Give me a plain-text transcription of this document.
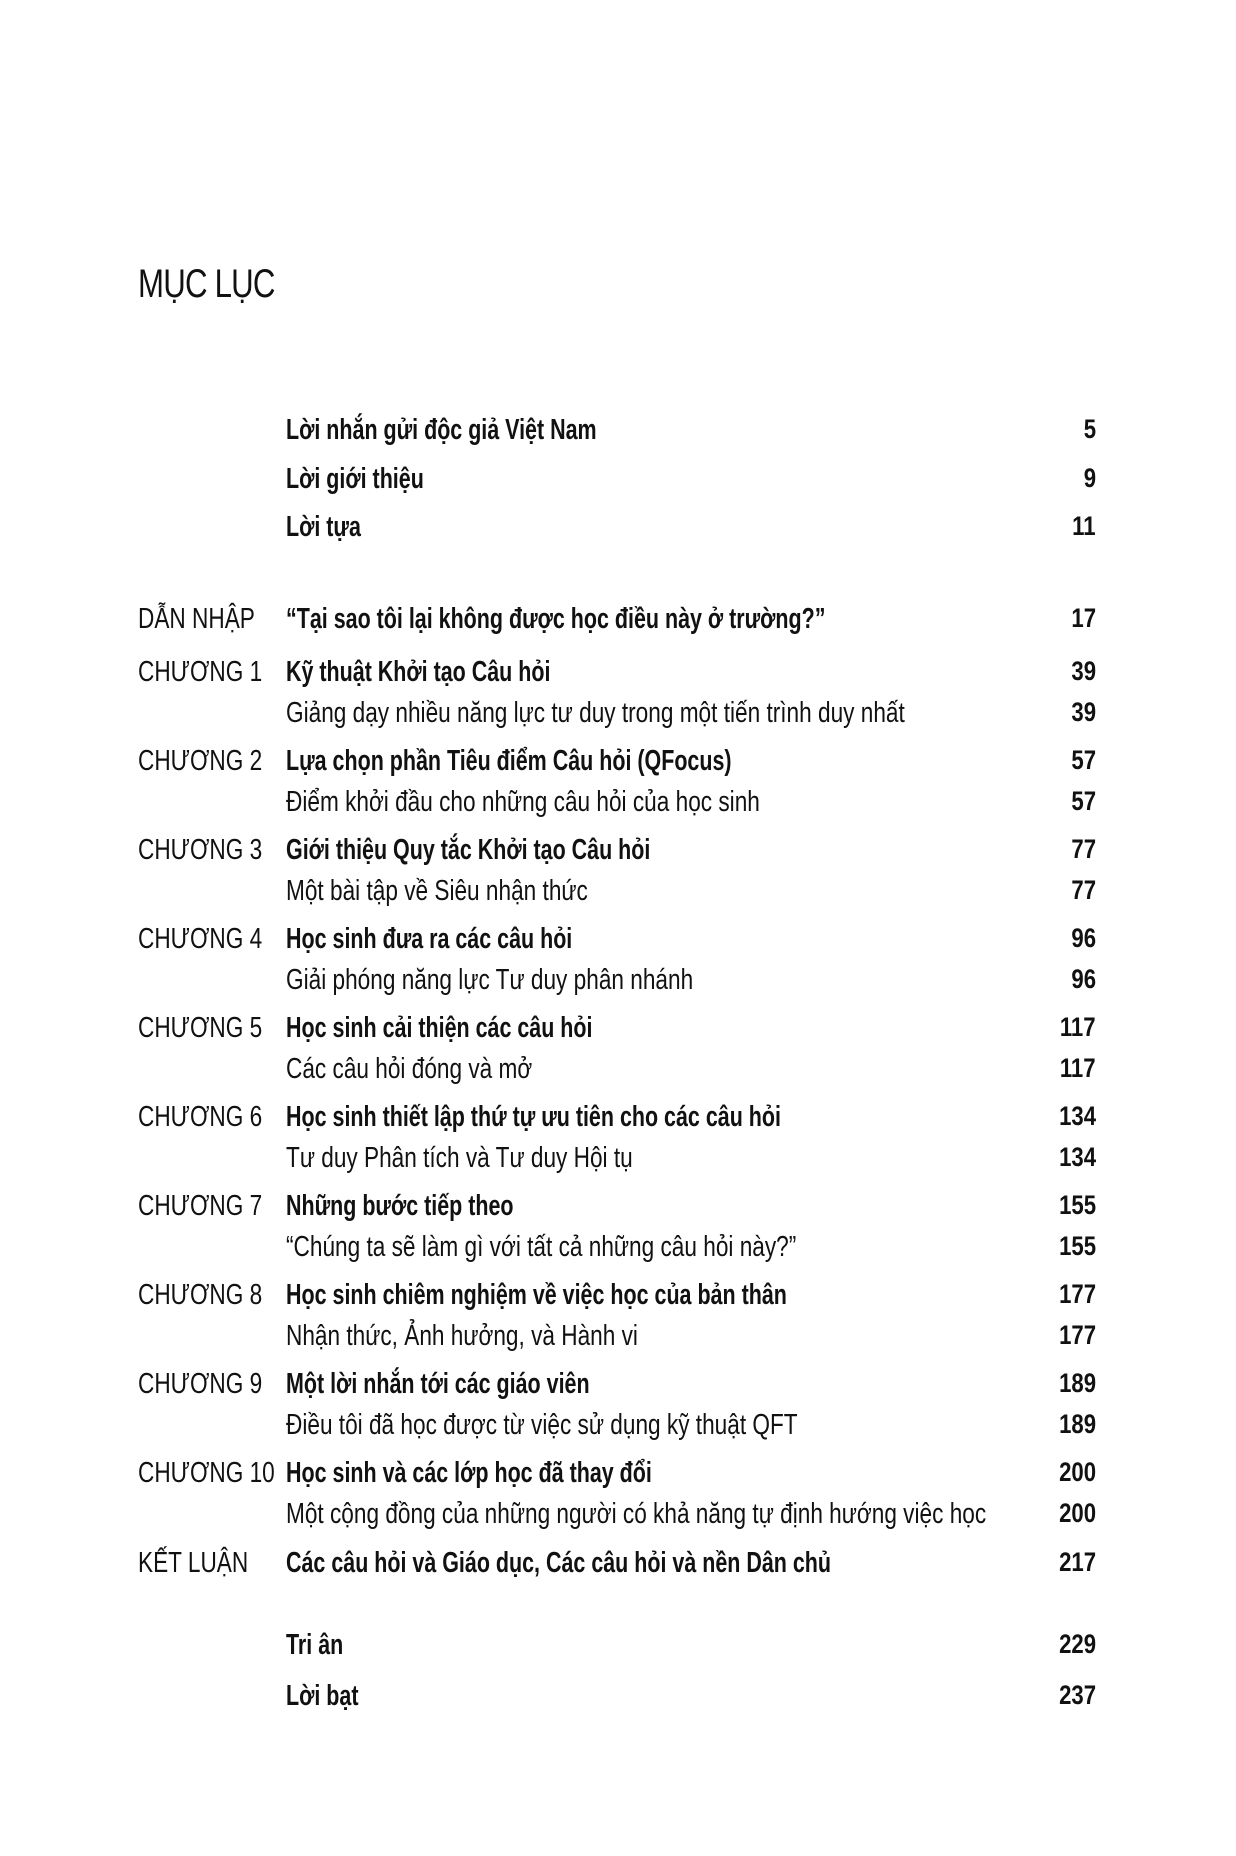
MỤC LỤC
Lời nhắn gửi độc giả Việt Nam	5
Lời giới thiệu	9
Lời tựa	11
DẪN NHẬP “Tại sao tôi lại không được học điều này ở trường?”	17
CHƯƠNG 1 Kỹ thuật Khởi tạo Câu hỏi	39
Giảng dạy nhiều năng lực tư duy trong một tiến trình duy nhất	39
CHƯƠNG 2 Lựa chọn phần Tiêu điểm Câu hỏi (QFocus)	57
Điểm khởi đầu cho những câu hỏi của học sinh	57
CHƯƠNG 3 Giới thiệu Quy tắc Khởi tạo Câu hỏi	77
Một bài tập về Siêu nhận thức	77
CHƯƠNG 4 Học sinh đưa ra các câu hỏi	96
Giải phóng năng lực Tư duy phân nhánh	96
CHƯƠNG 5 Học sinh cải thiện các câu hỏi	117
Các câu hỏi đóng và mở	117
CHƯƠNG 6 Học sinh thiết lập thứ tự ưu tiên cho các câu hỏi	134
Tư duy Phân tích và Tư duy Hội tụ	134
CHƯƠNG 7 Những bước tiếp theo	155
“Chúng ta sẽ làm gì với tất cả những câu hỏi này?”	155
CHƯƠNG 8 Học sinh chiêm nghiệm về việc học của bản thân	177
Nhận thức, Ảnh hưởng, và Hành vi	177
CHƯƠNG 9 Một lời nhắn tới các giáo viên	189
Điều tôi đã học được từ việc sử dụng kỹ thuật QFT	189
CHƯƠNG 10 Học sinh và các lớp học đã thay đổi	200
Một cộng đồng của những người có khả năng tự định hướng việc học	200
KẾT LUẬN Các câu hỏi và Giáo dục, Các câu hỏi và nền Dân chủ	217
Tri ân	229
Lời bạt	237
